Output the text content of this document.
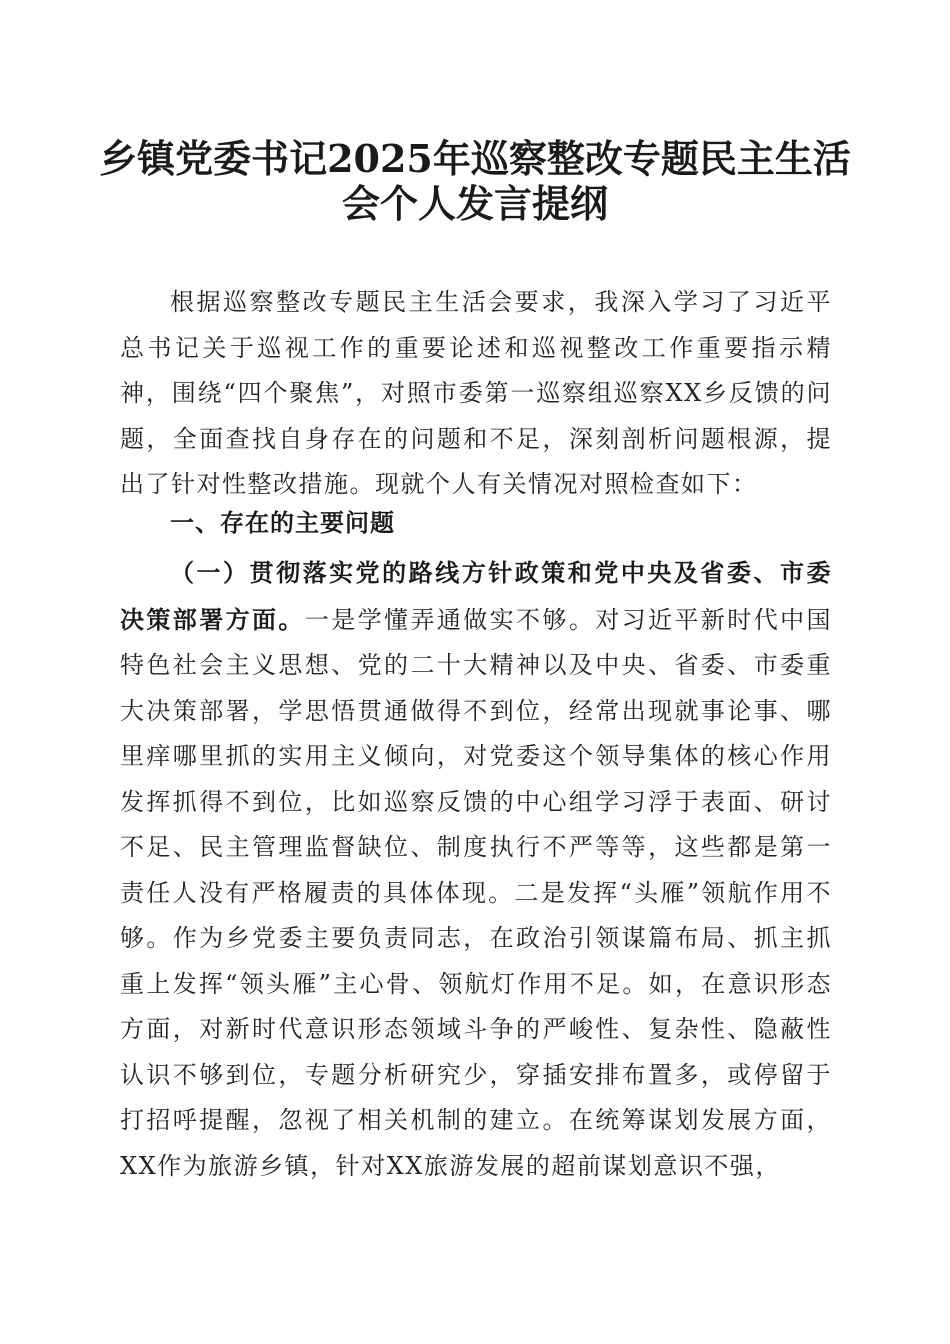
乡镇党委书记2025年巡察整改专题民主生活
会个人发言提纲

根据巡察整改专题民主生活会要求，我深入学习了习近平总书记关于巡视工作的重要论述和巡视整改工作重要指示精神，围绕“四个聚焦”，对照市委第一巡察组巡察XX乡反馈的问题，全面查找自身存在的问题和不足，深刻剖析问题根源，提出了针对性整改措施。现就个人有关情况对照检查如下：

一、存在的主要问题

（一）贯彻落实党的路线方针政策和党中央及省委、市委决策部署方面。一是学懂弄通做实不够。对习近平新时代中国特色社会主义思想、党的二十大精神以及中央、省委、市委重大决策部署，学思悟贯通做得不到位，经常出现就事论事、哪里痒哪里抓的实用主义倾向，对党委这个领导集体的核心作用发挥抓得不到位，比如巡察反馈的中心组学习浮于表面、研讨不足、民主管理监督缺位、制度执行不严等等，这些都是第一责任人没有严格履责的具体体现。二是发挥“头雁”领航作用不够。作为乡党委主要负责同志，在政治引领谋篇布局、抓主抓重上发挥“领头雁”主心骨、领航灯作用不足。如，在意识形态方面，对新时代意识形态领域斗争的严峻性、复杂性、隐蔽性认识不够到位，专题分析研究少，穿插安排布置多，或停留于打招呼提醒，忽视了相关机制的建立。在统筹谋划发展方面，XX作为旅游乡镇，针对XX旅游发展的超前谋划意识不强，
